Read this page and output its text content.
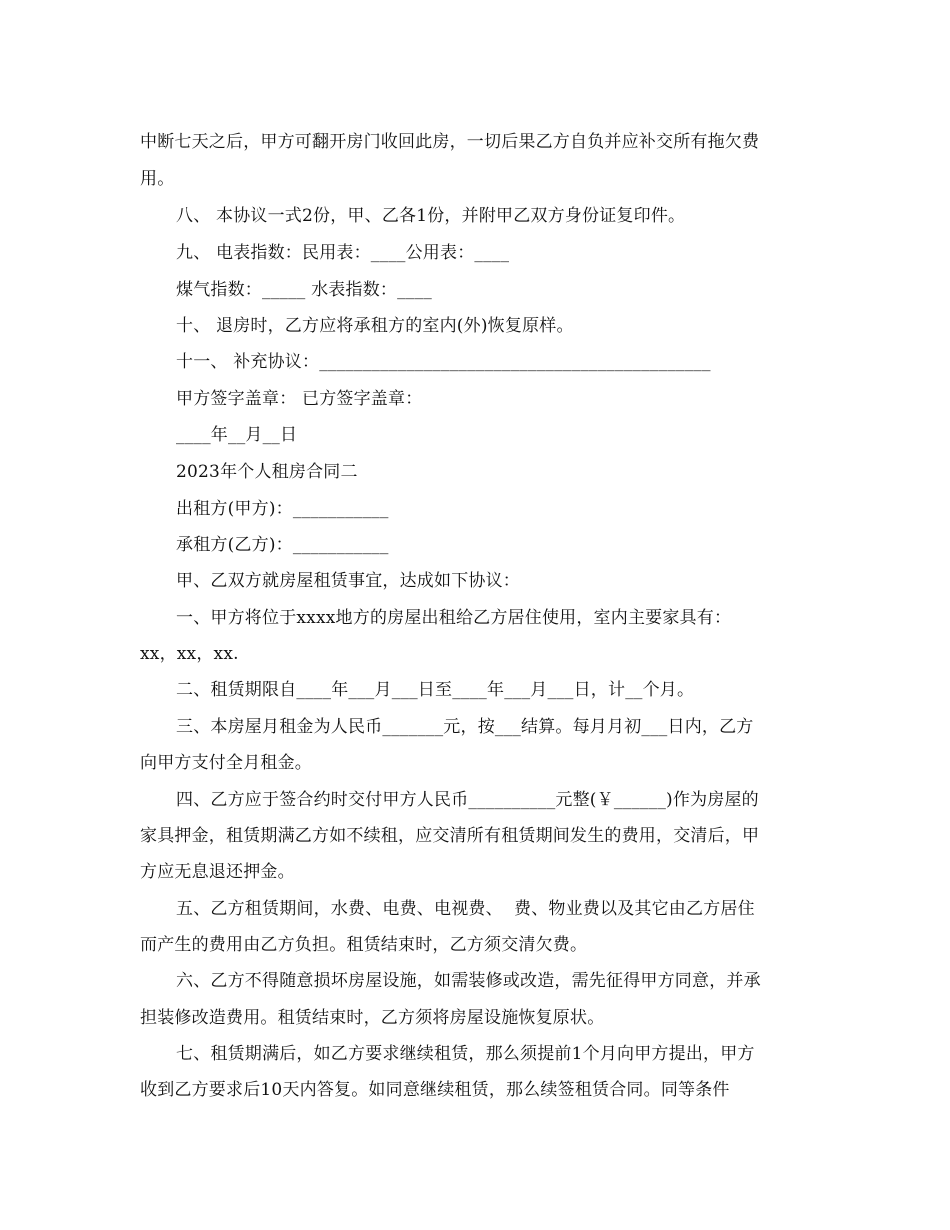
中断七天之后，甲方可翻开房门收回此房，一切后果乙方自负并应补交所有拖欠费
用。
八、 本协议一式2份，甲、乙各1份，并附甲乙双方身份证复印件。
九、 电表指数：民用表：____公用表：____
煤气指数：_____ 水表指数：____
十、 退房时，乙方应将承租方的室内(外)恢复原样。
十一、 补充协议：_____________________________________________
甲方签字盖章： 已方签字盖章：
____年__月__日
2023年个人租房合同二
出租方(甲方)：___________
承租方(乙方)：___________
甲、乙双方就房屋租赁事宜，达成如下协议：
一、甲方将位于xxxx地方的房屋出租给乙方居住使用，室内主要家具有：
xx，xx，xx.
二、租赁期限自____年___月___日至____年___月___日，计__个月。
三、本房屋月租金为人民币_______元，按___结算。每月月初___日内，乙方
向甲方支付全月租金。
四、乙方应于签合约时交付甲方人民币__________元整(￥______)作为房屋的
家具押金，租赁期满乙方如不续租，应交清所有租赁期间发生的费用，交清后，甲
方应无息退还押金。
五、乙方租赁期间，水费、电费、电视费、  费、物业费以及其它由乙方居住
而产生的费用由乙方负担。租赁结束时，乙方须交清欠费。
六、乙方不得随意损坏房屋设施，如需装修或改造，需先征得甲方同意，并承
担装修改造费用。租赁结束时，乙方须将房屋设施恢复原状。
七、租赁期满后，如乙方要求继续租赁，那么须提前1个月向甲方提出，甲方
收到乙方要求后10天内答复。如同意继续租赁，那么续签租赁合同。同等条件
